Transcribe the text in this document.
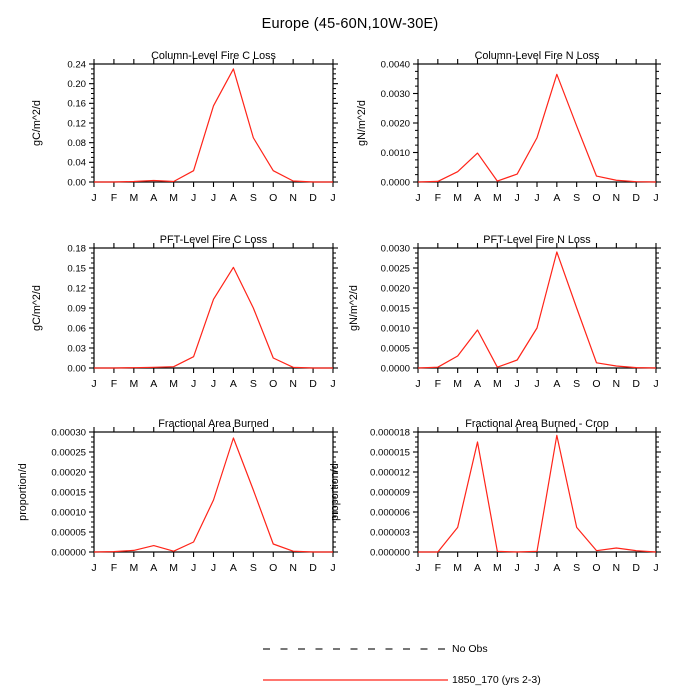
Europe (45-60N,10W-30E)
0.00
0.04
0.08
0.12
0.16
0.20
0.24
J F M A M J J A S O N D J
Column-Level Fire C Loss
gC/m^2/d
0.0000
0.0010
0.0020
0.0030
0.0040
J F M A M J J A S O N D J
Column-Level Fire N Loss
gN/m^2/d
0.00
0.03
0.06
0.09
0.12
0.15
0.18
J F M A M J J A S O N D J
PFT-Level Fire C Loss
gC/m^2/d
0.0000
0.0005
0.0010
0.0015
0.0020
0.0025
0.0030
J F M A M J J A S O N D J
PFT-Level Fire N Loss
gN/m^2/d
0.00000
0.00005
0.00010
0.00015
0.00020
0.00025
0.00030
J F M A M J J A S O N D J
Fractional Area Burned
proportion/d
0.000000
0.000003
0.000006
0.000009
0.000012
0.000015
0.000018
J F M A M J J A S O N D J
Fractional Area Burned - Crop
proportion/d
No Obs
1850_170 (yrs 2-3)
